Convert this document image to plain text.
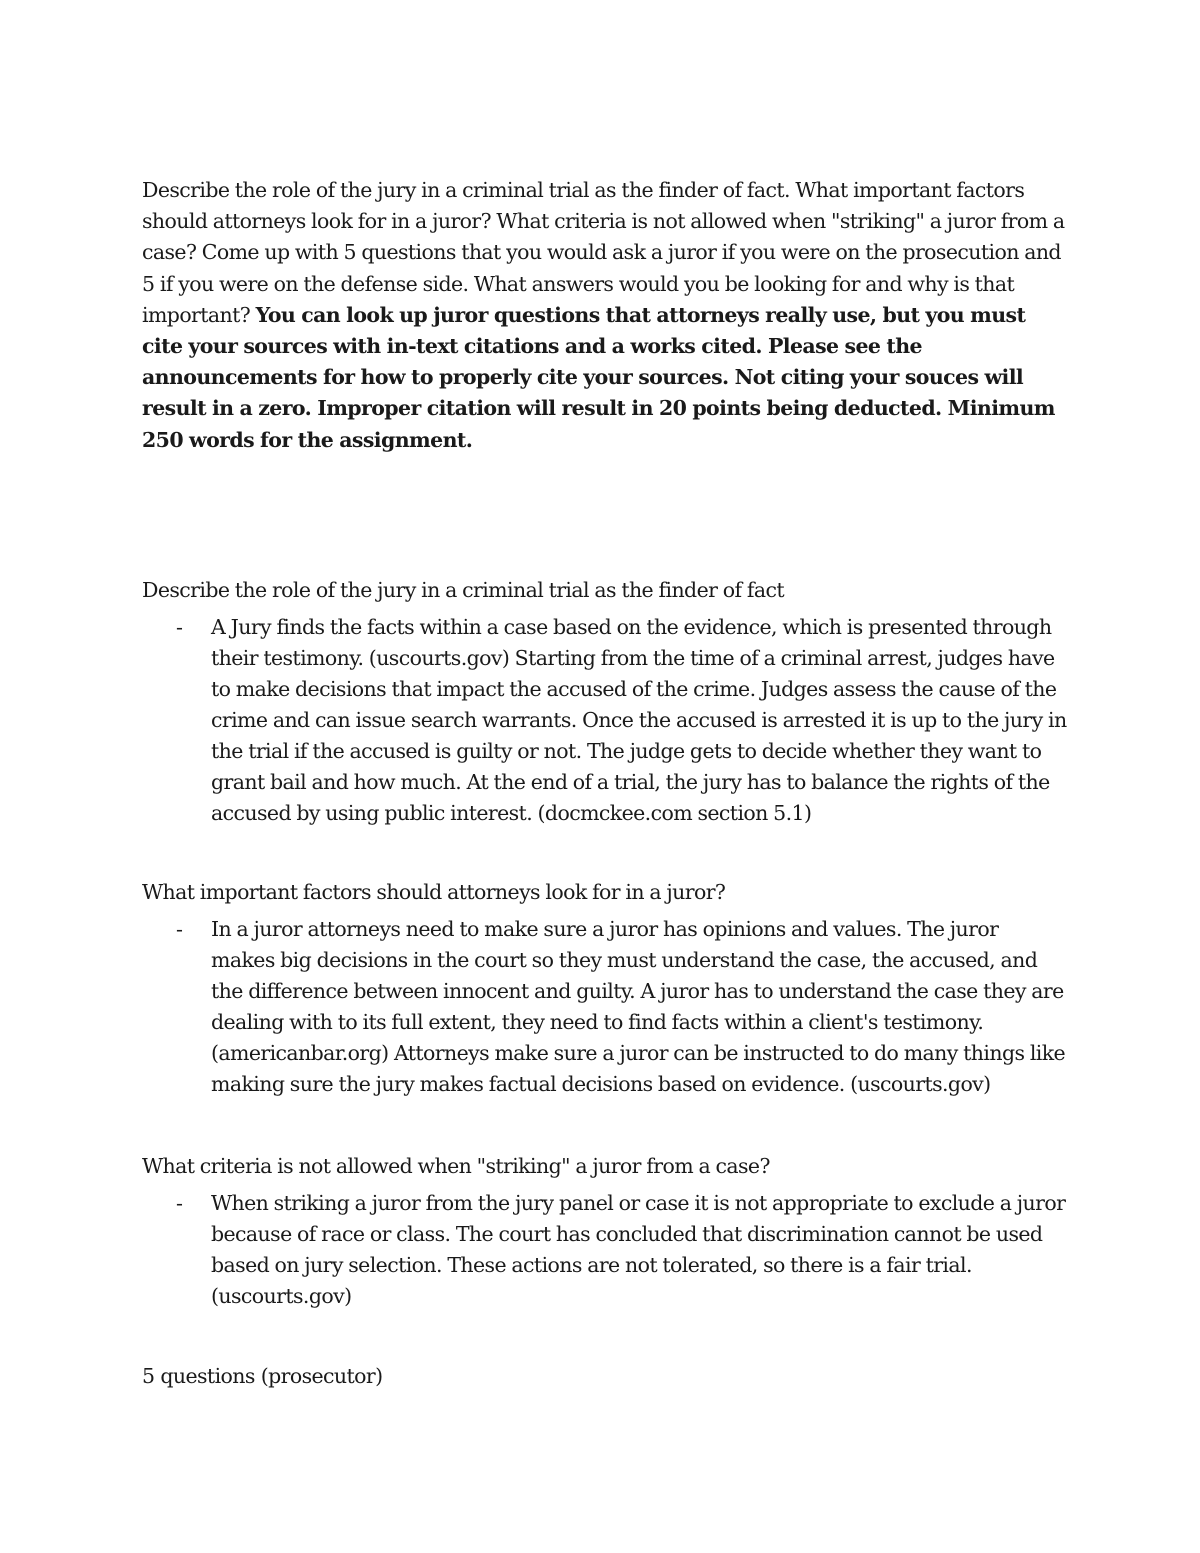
Describe the role of the jury in a criminal trial as the finder of fact. What important factors should attorneys look for in a juror? What criteria is not allowed when "striking" a juror from a case? Come up with 5 questions that you would ask a juror if you were on the prosecution and 5 if you were on the defense side. What answers would you be looking for and why is that important? You can look up juror questions that attorneys really use, but you must cite your sources with in-text citations and a works cited. Please see the announcements for how to properly cite your sources. Not citing your souces will result in a zero. Improper citation will result in 20 points being deducted. Minimum 250 words for the assignment.

Describe the role of the jury in a criminal trial as the finder of fact

- A Jury finds the facts within a case based on the evidence, which is presented through their testimony. (uscourts.gov) Starting from the time of a criminal arrest, judges have to make decisions that impact the accused of the crime. Judges assess the cause of the crime and can issue search warrants. Once the accused is arrested it is up to the jury in the trial if the accused is guilty or not. The judge gets to decide whether they want to grant bail and how much. At the end of a trial, the jury has to balance the rights of the accused by using public interest. (docmckee.com section 5.1)

What important factors should attorneys look for in a juror?

- In a juror attorneys need to make sure a juror has opinions and values. The juror makes big decisions in the court so they must understand the case, the accused, and the difference between innocent and guilty. A juror has to understand the case they are dealing with to its full extent, they need to find facts within a client's testimony. (americanbar.org) Attorneys make sure a juror can be instructed to do many things like making sure the jury makes factual decisions based on evidence. (uscourts.gov)

What criteria is not allowed when "striking" a juror from a case?

- When striking a juror from the jury panel or case it is not appropriate to exclude a juror because of race or class. The court has concluded that discrimination cannot be used based on jury selection. These actions are not tolerated, so there is a fair trial. (uscourts.gov)
5 questions (prosecutor)
